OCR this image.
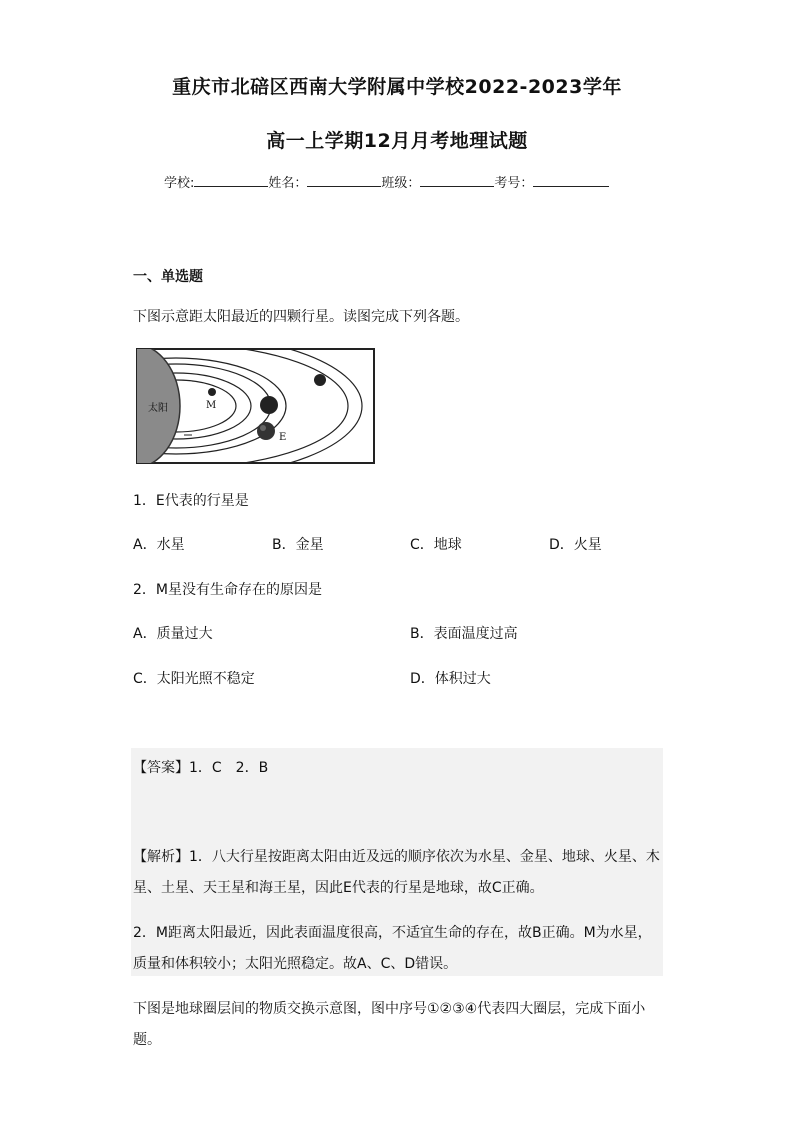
重庆市北碚区西南大学附属中学校2022-2023学年
高一上学期12月月考地理试题
学校:	姓名：	班级：	考号：
一、单选题
下图示意距太阳最近的四颗行星。读图完成下列各题。
太阳	M
E
1．E代表的行星是
A．水星	B．金星	C．地球	D．火星
2．M星没有生命存在的原因是
A．质量过大	B．表面温度过高
C．太阳光照不稳定	D．体积过大
【答案】1．C　2．B
【解析】1．八大行星按距离太阳由近及远的顺序依次为水星、金星、地球、火星、木
星、土星、天王星和海王星，因此E代表的行星是地球，故C正确。
2．M距离太阳最近，因此表面温度很高，不适宜生命的存在，故B正确。M为水星，
质量和体积较小；太阳光照稳定。故A、C、D错误。
下图是地球圈层间的物质交换示意图，图中序号①②③④代表四大圈层，完成下面小
题。
